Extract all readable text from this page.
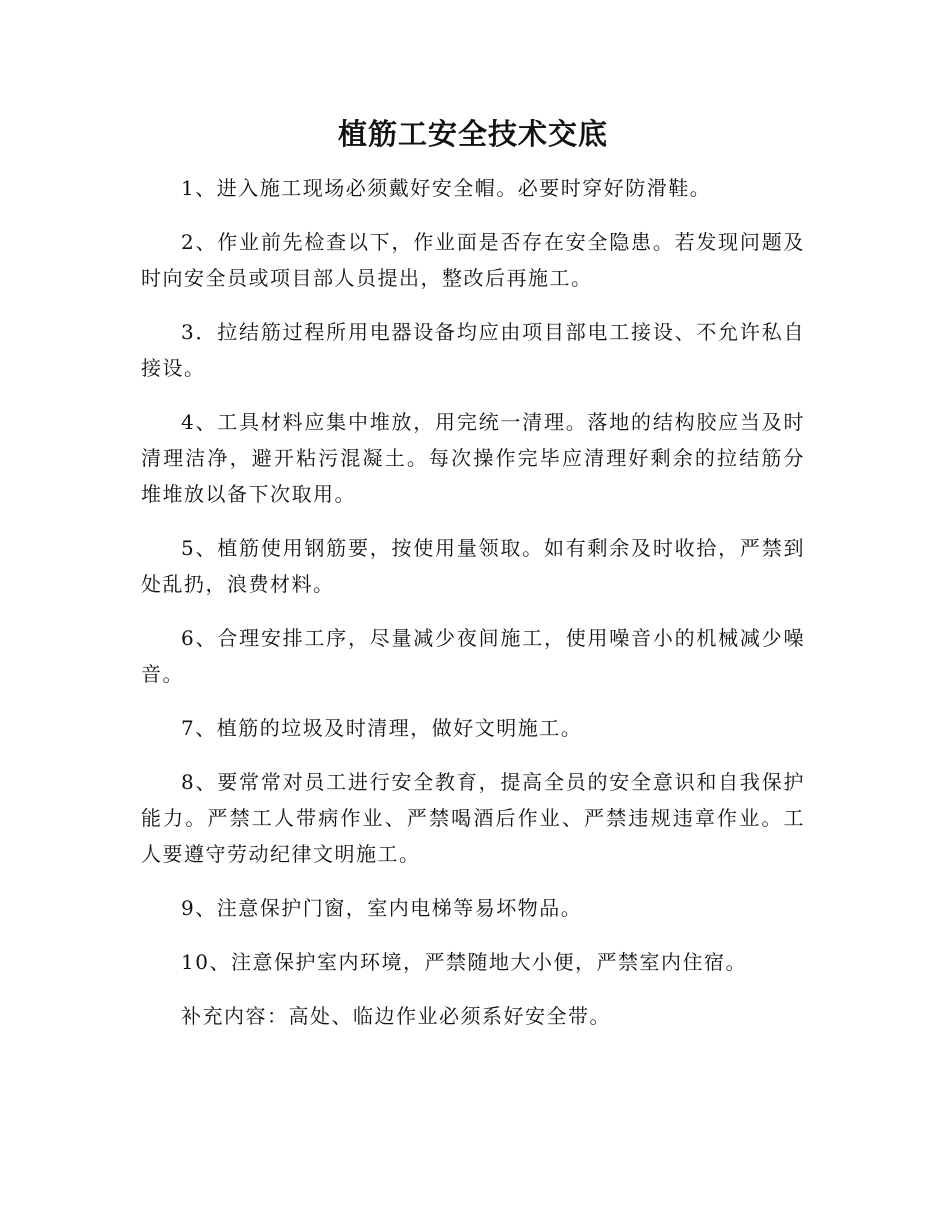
植筋工安全技术交底

1、进入施工现场必须戴好安全帽。必要时穿好防滑鞋。

2、作业前先检查以下，作业面是否存在安全隐患。若发现问题及时向安全员或项目部人员提出，整改后再施工。

3．拉结筋过程所用电器设备均应由项目部电工接设、不允许私自接设。

4、工具材料应集中堆放，用完统一清理。落地的结构胶应当及时清理洁净，避开粘污混凝土。每次操作完毕应清理好剩余的拉结筋分堆堆放以备下次取用。

5、植筋使用钢筋要，按使用量领取。如有剩余及时收拾，严禁到处乱扔，浪费材料。

6、合理安排工序，尽量减少夜间施工，使用噪音小的机械减少噪音。

7、植筋的垃圾及时清理，做好文明施工。

8、要常常对员工进行安全教育，提高全员的安全意识和自我保护能力。严禁工人带病作业、严禁喝酒后作业、严禁违规违章作业。工人要遵守劳动纪律文明施工。

9、注意保护门窗，室内电梯等易坏物品。

10、注意保护室内环境，严禁随地大小便，严禁室内住宿。

补充内容：高处、临边作业必须系好安全带。
